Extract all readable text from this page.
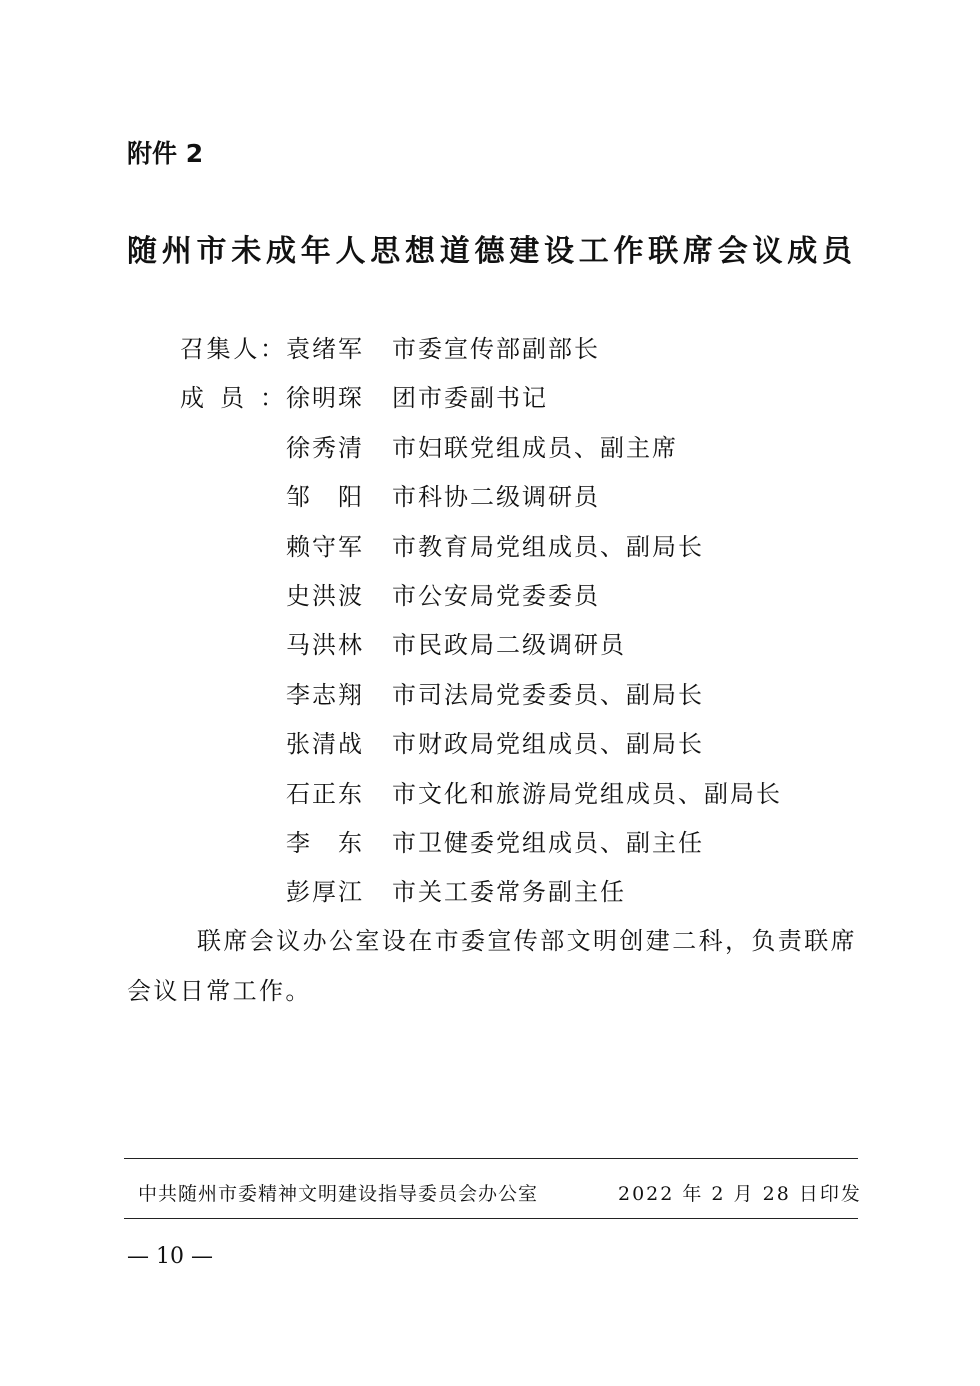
附件 2
随州市未成年人思想道德建设工作联席会议成员
召集人： 袁绪军 市委宣传部副部长
成员： 徐明琛 团市委副书记
徐秀清 市妇联党组成员、副主席
邹阳 市科协二级调研员
赖守军 市教育局党组成员、副局长
史洪波 市公安局党委委员
马洪林 市民政局二级调研员
李志翔 市司法局党委委员、副局长
张清战 市财政局党组成员、副局长
石正东 市文化和旅游局党组成员、副局长
李东 市卫健委党组成员、副主任
彭厚江 市关工委常务副主任
联席会议办公室设在市委宣传部文明创建二科，负责联席
会议日常工作。
中共随州市委精神文明建设指导委员会办公室	2022 年 2 月 28 日印发
— 10 —
